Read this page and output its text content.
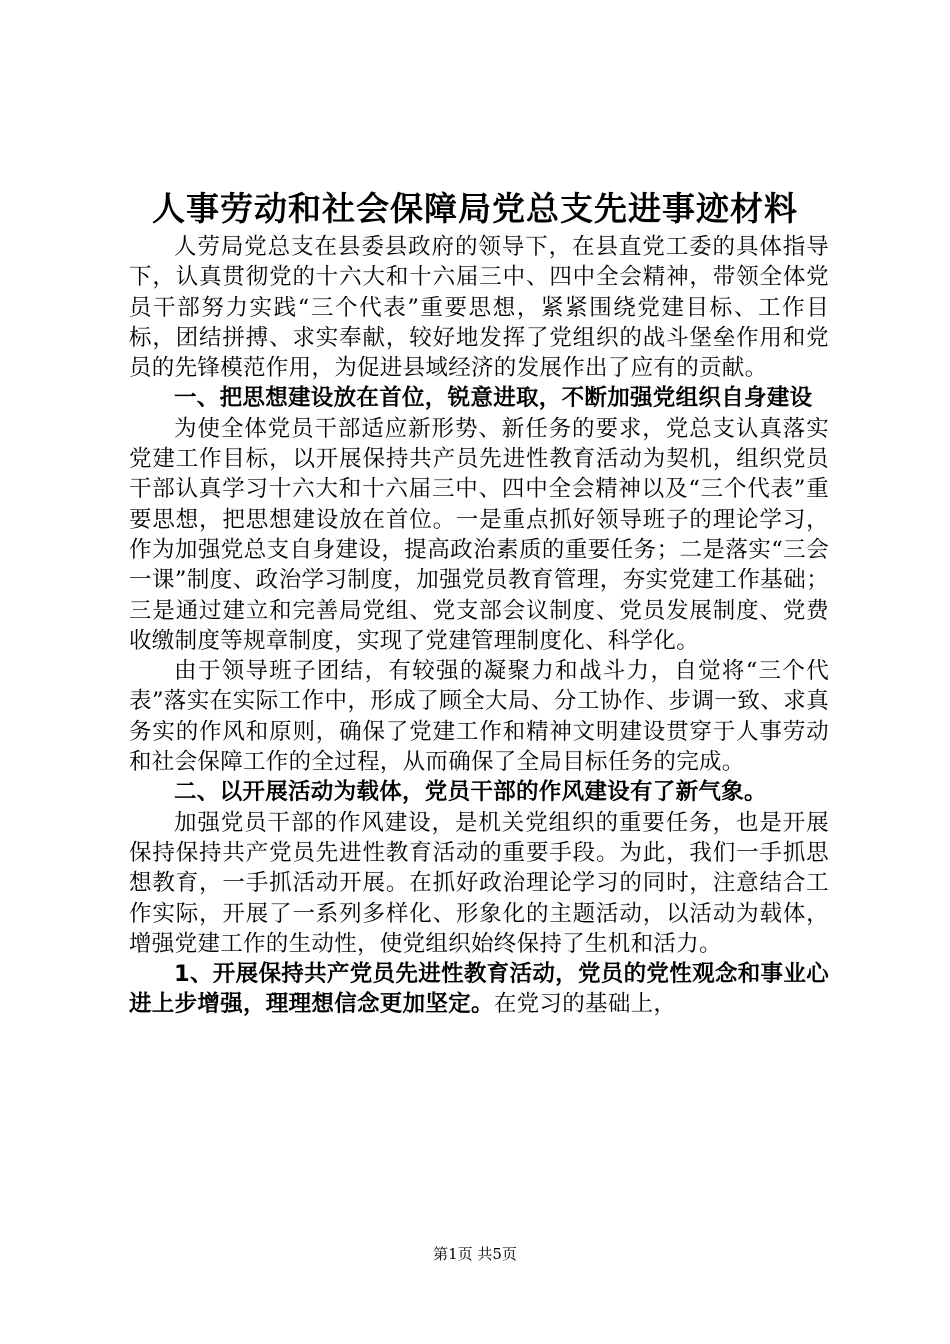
人事劳动和社会保障局党总支先进事迹材料

人劳局党总支在县委县政府的领导下，在县直党工委的具体指导下，认真贯彻党的十六大和十六届三中、四中全会精神，带领全体党员干部努力实践“三个代表”重要思想，紧紧围绕党建目标、工作目标，团结拼搏、求实奉献，较好地发挥了党组织的战斗堡垒作用和党员的先锋模范作用，为促进县域经济的发展作出了应有的贡献。

一、把思想建设放在首位，锐意进取，不断加强党组织自身建设

为使全体党员干部适应新形势、新任务的要求，党总支认真落实党建工作目标，以开展保持共产员先进性教育活动为契机，组织党员干部认真学习十六大和十六届三中、四中全会精神以及“三个代表”重要思想，把思想建设放在首位。一是重点抓好领导班子的理论学习，作为加强党总支自身建设，提高政治素质的重要任务；二是落实“三会一课”制度、政治学习制度，加强党员教育管理，夯实党建工作基础；三是通过建立和完善局党组、党支部会议制度、党员发展制度、党费收缴制度等规章制度，实现了党建管理制度化、科学化。

由于领导班子团结，有较强的凝聚力和战斗力，自觉将“三个代表”落实在实际工作中，形成了顾全大局、分工协作、步调一致、求真务实的作风和原则，确保了党建工作和精神文明建设贯穿于人事劳动和社会保障工作的全过程，从而确保了全局目标任务的完成。

二、以开展活动为载体，党员干部的作风建设有了新气象。

加强党员干部的作风建设，是机关党组织的重要任务，也是开展保持保持共产党员先进性教育活动的重要手段。为此，我们一手抓思想教育，一手抓活动开展。在抓好政治理论学习的同时，注意结合工作实际，开展了一系列多样化、形象化的主题活动，以活动为载体，增强党建工作的生动性，使党组织始终保持了生机和活力。

1、开展保持共产党员先进性教育活动，党员的党性观念和事业心进上步增强，理理想信念更加坚定。在党习的基础上，

第1页 共5页
